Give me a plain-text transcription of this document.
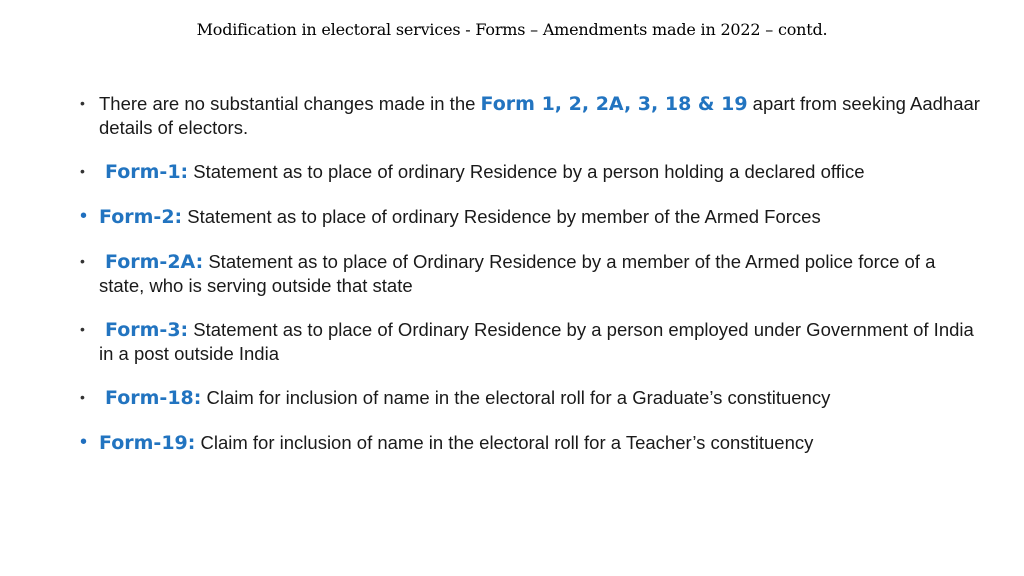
Modification in electoral services - Forms – Amendments made in 2022 – contd.
• There are no substantial changes made in the Form 1, 2, 2A, 3, 18 & 19 apart from seeking Aadhaar details of electors.
• Form-1: Statement as to place of ordinary Residence by a person holding a declared office
• Form-2: Statement as to place of ordinary Residence by member of the Armed Forces
• Form-2A: Statement as to place of Ordinary Residence by a member of the Armed police force of a state, who is serving outside that state
• Form-3: Statement as to place of Ordinary Residence by a person employed under Government of India in a post outside India
• Form-18: Claim for inclusion of name in the electoral roll for a Graduate’s constituency
• Form-19: Claim for inclusion of name in the electoral roll for a Teacher’s constituency
